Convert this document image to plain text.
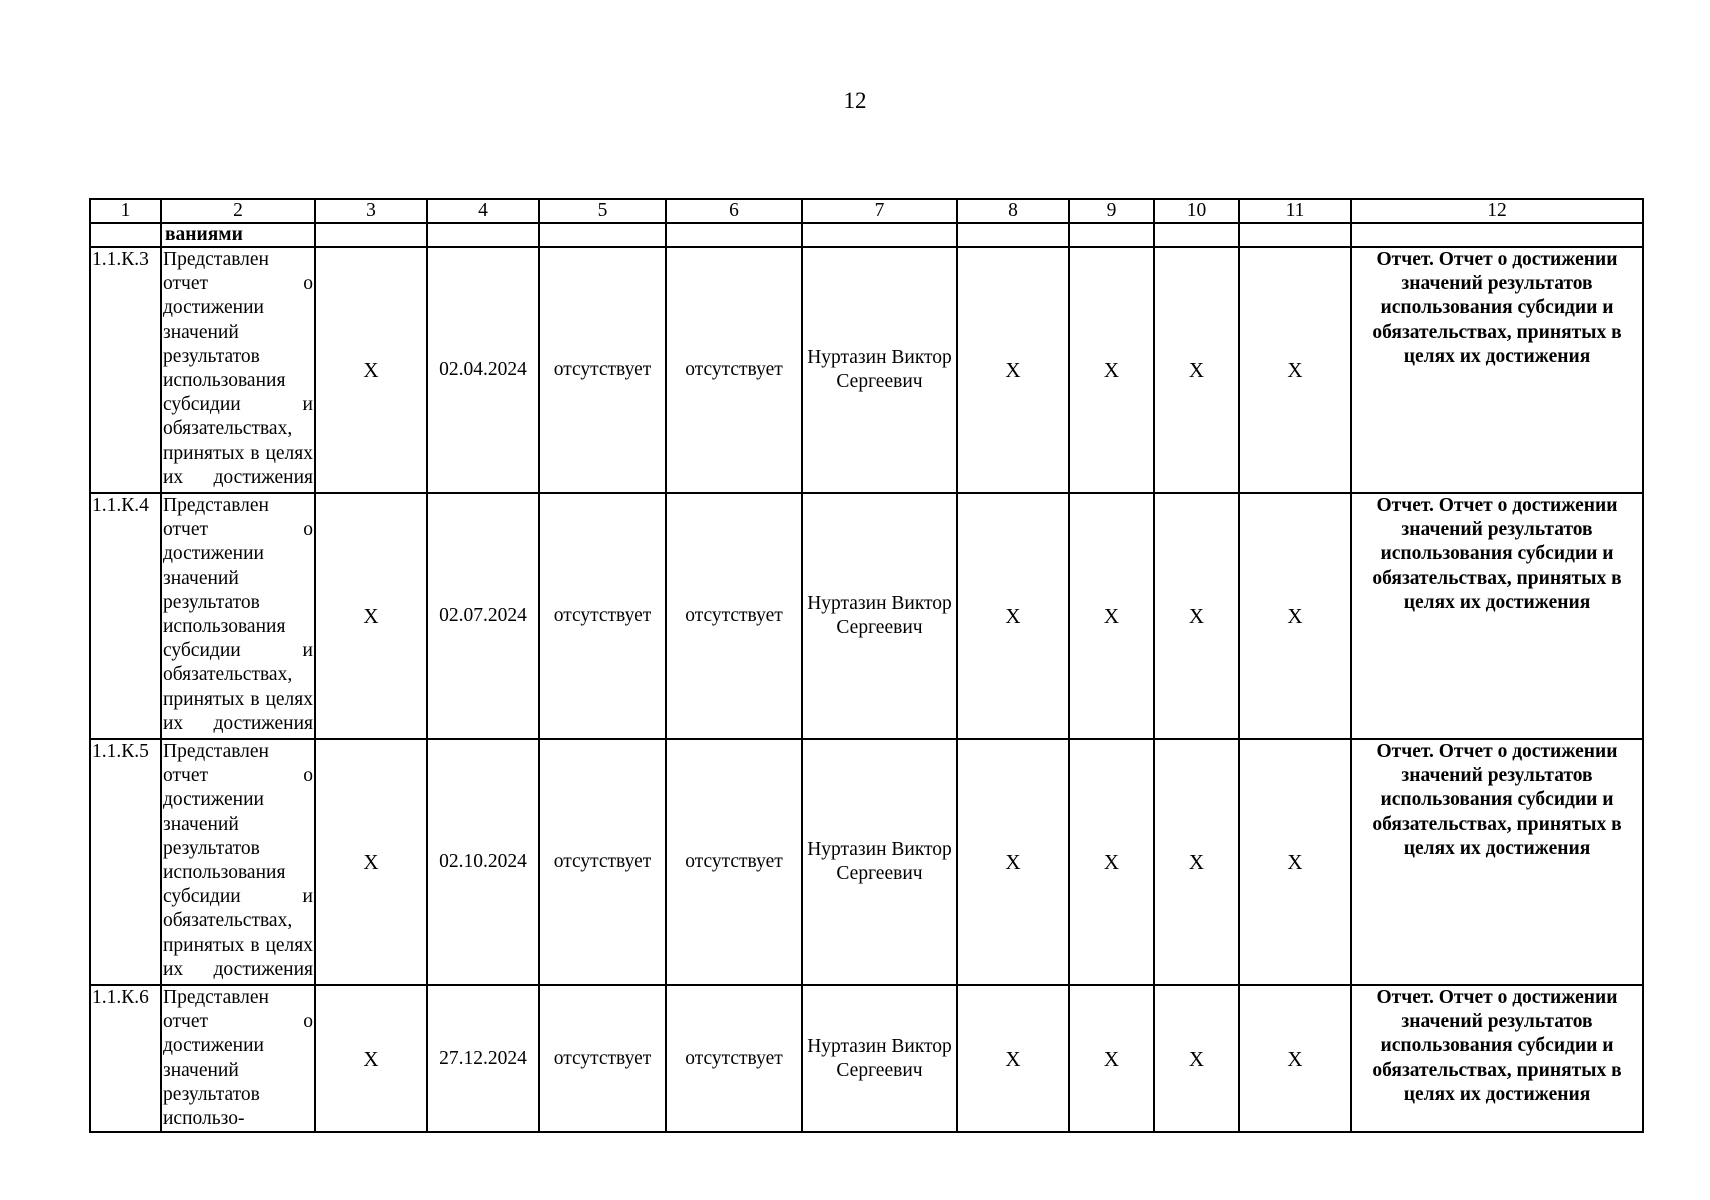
12
1	2	3	4	5	6	7	8	9	10	11	12
	ваниями										
1.1.К.3	Представлен отчет о достижении значений результатов использования субсидии и обязательствах, принятых в целях их достижения	X	02.04.2024	отсутствует	отсутствует	Нуртазин Виктор Сергеевич	X	X	X	X	Отчет. Отчет о достижении значений результатов использования субсидии и обязательствах, принятых в целях их достижения
1.1.К.4	Представлен отчет о достижении значений результатов использования субсидии и обязательствах, принятых в целях их достижения	X	02.07.2024	отсутствует	отсутствует	Нуртазин Виктор Сергеевич	X	X	X	X	Отчет. Отчет о достижении значений результатов использования субсидии и обязательствах, принятых в целях их достижения
1.1.К.5	Представлен отчет о достижении значений результатов использования субсидии и обязательствах, принятых в целях их достижения	X	02.10.2024	отсутствует	отсутствует	Нуртазин Виктор Сергеевич	X	X	X	X	Отчет. Отчет о достижении значений результатов использования субсидии и обязательствах, принятых в целях их достижения
1.1.К.6	Представлен отчет о достижении значений результатов использо-	X	27.12.2024	отсутствует	отсутствует	Нуртазин Виктор Сергеевич	X	X	X	X	Отчет. Отчет о достижении значений результатов использования субсидии и обязательствах, принятых в целях их достижения
